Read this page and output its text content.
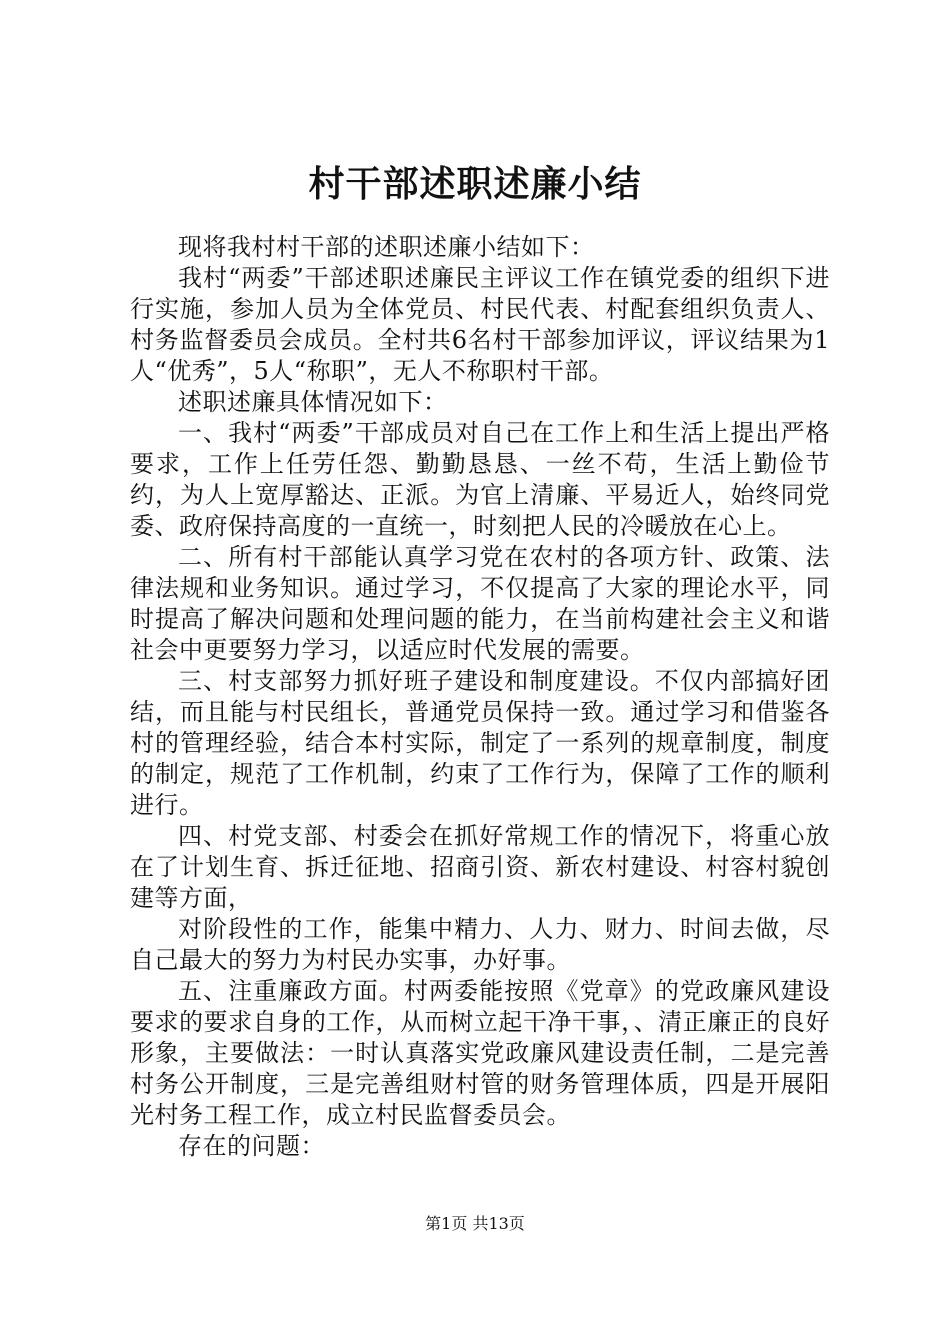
村干部述职述廉小结

现将我村村干部的述职述廉小结如下：

我村“两委”干部述职述廉民主评议工作在镇党委的组织下进行实施，参加人员为全体党员、村民代表、村配套组织负责人、村务监督委员会成员。全村共6名村干部参加评议，评议结果为1人“优秀”，5人“称职”，无人不称职村干部。

述职述廉具体情况如下：

一、我村“两委”干部成员对自己在工作上和生活上提出严格要求，工作上任劳任怨、勤勤恳恳、一丝不苟，生活上勤俭节约，为人上宽厚豁达、正派。为官上清廉、平易近人，始终同党委、政府保持高度的一直统一，时刻把人民的冷暖放在心上。

二、所有村干部能认真学习党在农村的各项方针、政策、法律法规和业务知识。通过学习，不仅提高了大家的理论水平，同时提高了解决问题和处理问题的能力，在当前构建社会主义和谐社会中更要努力学习，以适应时代发展的需要。

三、村支部努力抓好班子建设和制度建设。不仅内部搞好团结，而且能与村民组长，普通党员保持一致。通过学习和借鉴各村的管理经验，结合本村实际，制定了一系列的规章制度，制度的制定，规范了工作机制，约束了工作行为，保障了工作的顺利进行。

四、村党支部、村委会在抓好常规工作的情况下，将重心放在了计划生育、拆迁征地、招商引资、新农村建设、村容村貌创建等方面，

对阶段性的工作，能集中精力、人力、财力、时间去做，尽自己最大的努力为村民办实事，办好事。

五、注重廉政方面。村两委能按照《党章》的党政廉风建设要求的要求自身的工作，从而树立起干净干事，、清正廉正的良好形象，主要做法：一时认真落实党政廉风建设责任制，二是完善村务公开制度，三是完善组财村管的财务管理体质，四是开展阳光村务工程工作，成立村民监督委员会。

存在的问题：

第1页 共13页
